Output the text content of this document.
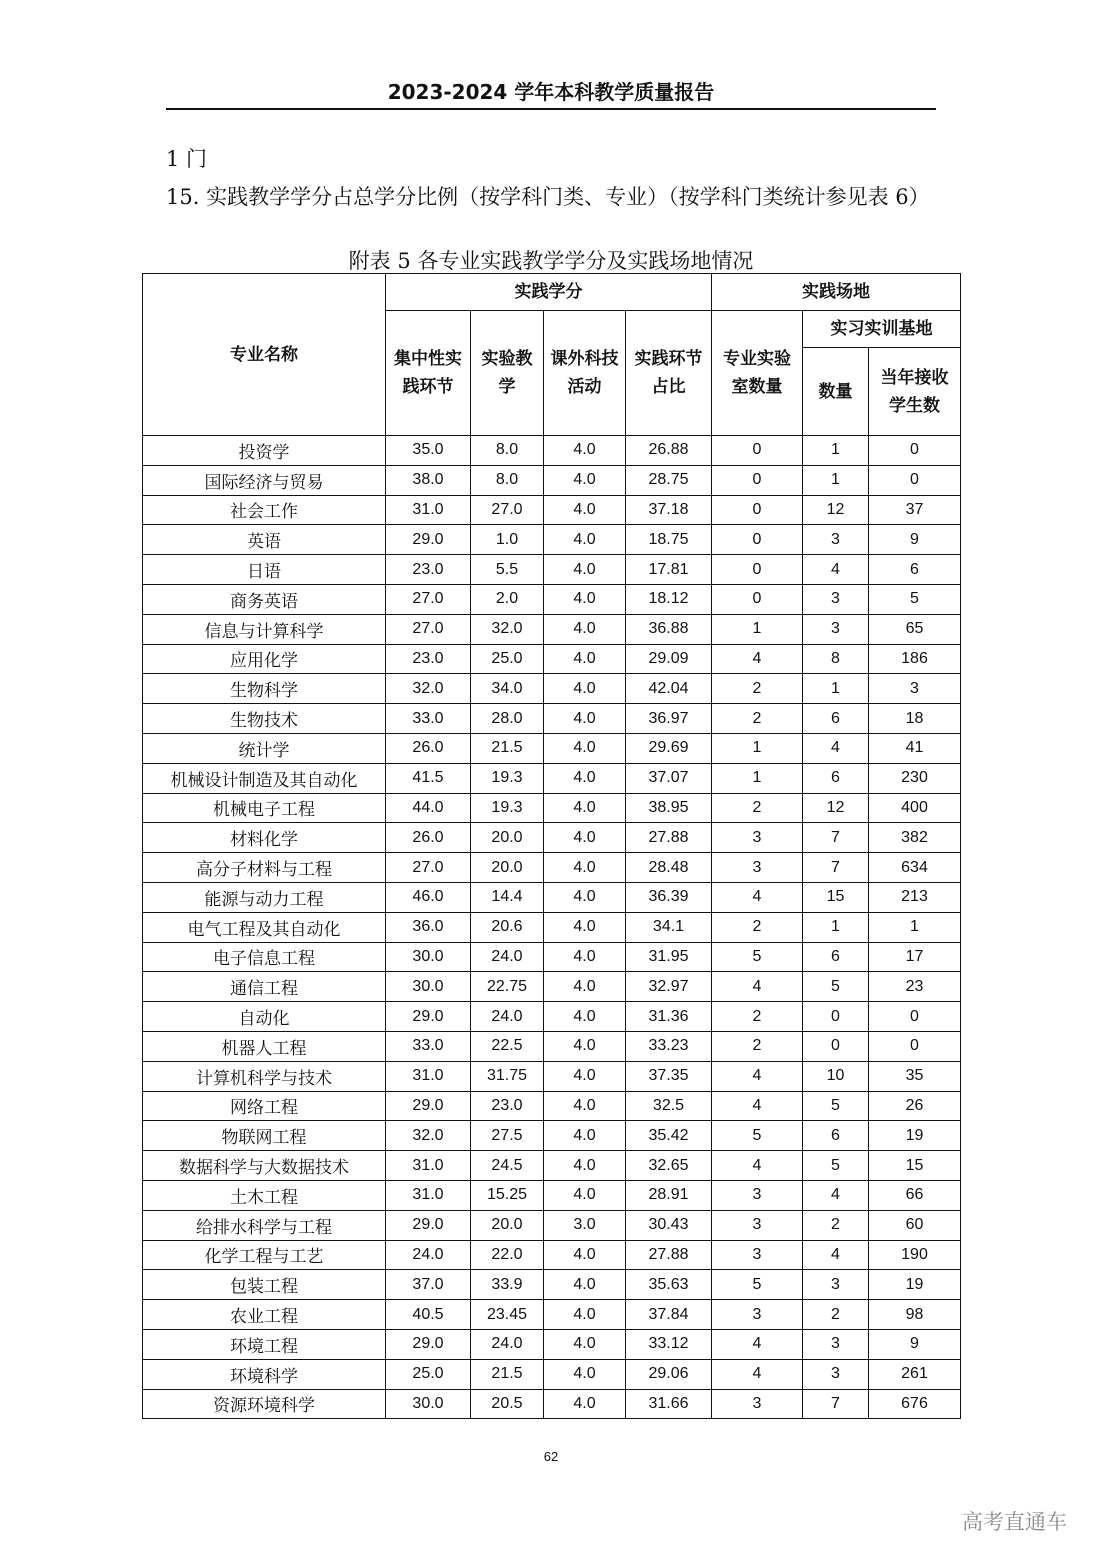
2023-2024 学年本科教学质量报告
1 门
15. 实践教学学分占总学分比例（按学科门类、专业）（按学科门类统计参见表 6）
附表 5 各专业实践教学学分及实践场地情况
专业名称	实践学分				实践场地		
	集中性实践环节	实验教学	课外科技活动	实践环节占比	专业实验室数量	实习实训基地	
						数量	当年接收学生数
投资学	35.0	8.0	4.0	26.88	0	1	0
国际经济与贸易	38.0	8.0	4.0	28.75	0	1	0
社会工作	31.0	27.0	4.0	37.18	0	12	37
英语	29.0	1.0	4.0	18.75	0	3	9
日语	23.0	5.5	4.0	17.81	0	4	6
商务英语	27.0	2.0	4.0	18.12	0	3	5
信息与计算科学	27.0	32.0	4.0	36.88	1	3	65
应用化学	23.0	25.0	4.0	29.09	4	8	186
生物科学	32.0	34.0	4.0	42.04	2	1	3
生物技术	33.0	28.0	4.0	36.97	2	6	18
统计学	26.0	21.5	4.0	29.69	1	4	41
机械设计制造及其自动化	41.5	19.3	4.0	37.07	1	6	230
机械电子工程	44.0	19.3	4.0	38.95	2	12	400
材料化学	26.0	20.0	4.0	27.88	3	7	382
高分子材料与工程	27.0	20.0	4.0	28.48	3	7	634
能源与动力工程	46.0	14.4	4.0	36.39	4	15	213
电气工程及其自动化	36.0	20.6	4.0	34.1	2	1	1
电子信息工程	30.0	24.0	4.0	31.95	5	6	17
通信工程	30.0	22.75	4.0	32.97	4	5	23
自动化	29.0	24.0	4.0	31.36	2	0	0
机器人工程	33.0	22.5	4.0	33.23	2	0	0
计算机科学与技术	31.0	31.75	4.0	37.35	4	10	35
网络工程	29.0	23.0	4.0	32.5	4	5	26
物联网工程	32.0	27.5	4.0	35.42	5	6	19
数据科学与大数据技术	31.0	24.5	4.0	32.65	4	5	15
土木工程	31.0	15.25	4.0	28.91	3	4	66
给排水科学与工程	29.0	20.0	3.0	30.43	3	2	60
化学工程与工艺	24.0	22.0	4.0	27.88	3	4	190
包装工程	37.0	33.9	4.0	35.63	5	3	19
农业工程	40.5	23.45	4.0	37.84	3	2	98
环境工程	29.0	24.0	4.0	33.12	4	3	9
环境科学	25.0	21.5	4.0	29.06	4	3	261
资源环境科学	30.0	20.5	4.0	31.66	3	7	676
62
高考直通车
